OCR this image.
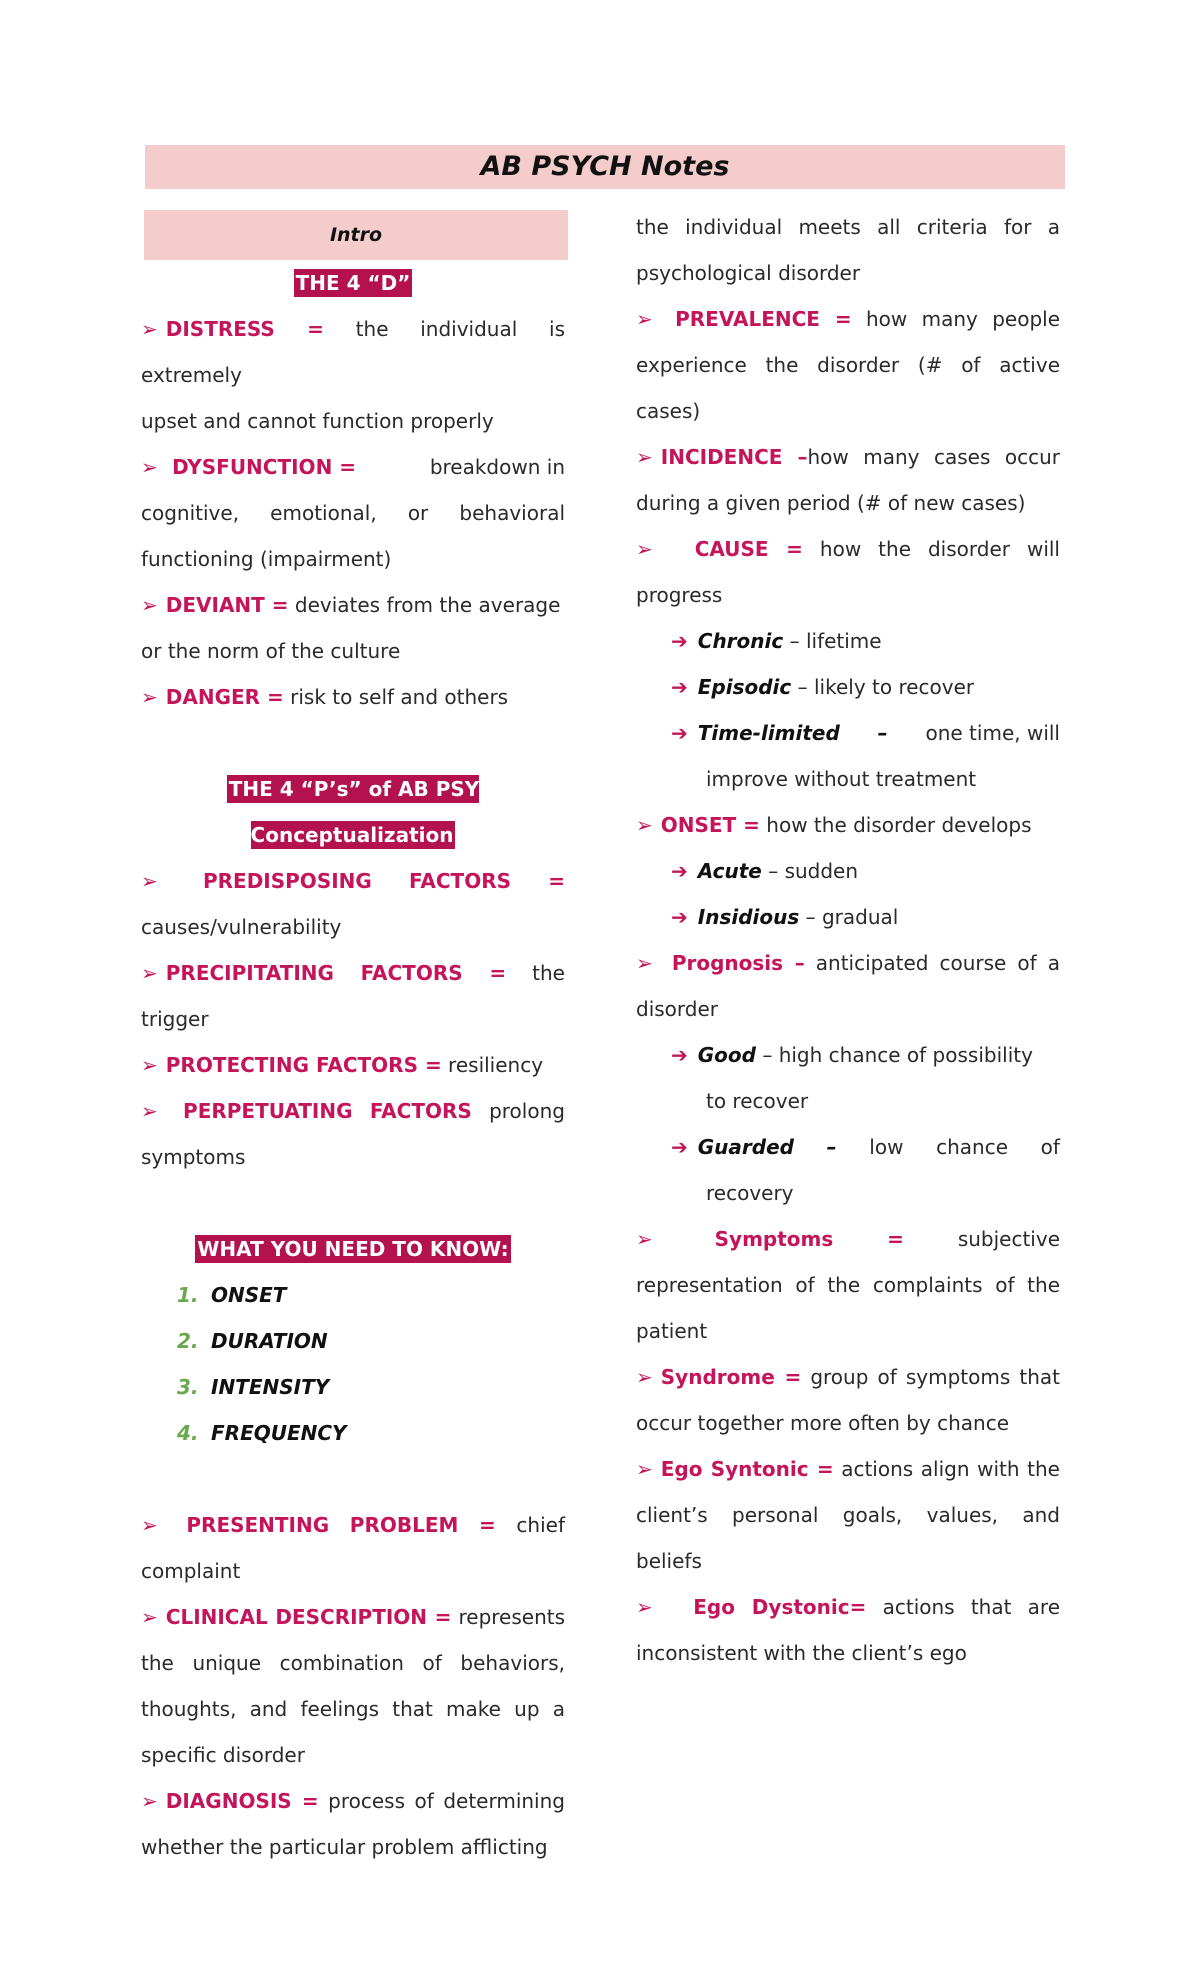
AB PSYCH Notes
Intro
THE 4 “D”
➢ DISTRESS = the individual is extremely
upset and cannot function properly
➢ DYSFUNCTION =	breakdown in
cognitive, emotional, or behavioral
functioning (impairment)
➢ DEVIANT = deviates from the average
or the norm of the culture
➢ DANGER = risk to self and others
THE 4 “P’s” of AB PSY Conceptualization
➢ PREDISPOSING FACTORS =
causes/vulnerability
➢ PRECIPITATING FACTORS = the trigger
➢ PROTECTING FACTORS = resiliency
➢ PERPETUATING FACTORS prolong
symptoms
WHAT YOU NEED TO KNOW:
1. ONSET
2. DURATION
3. INTENSITY
4. FREQUENCY
➢ PRESENTING PROBLEM = chief
complaint
➢ CLINICAL DESCRIPTION = represents
the unique combination of behaviors,
thoughts, and feelings that make up a
specific disorder
➢ DIAGNOSIS = process of determining
whether the particular problem afflicting
the individual meets all criteria for a
psychological disorder
➢ PREVALENCE = how many people
experience the disorder (# of active
cases)
➢ INCIDENCE –how many cases occur
during a given period (# of new cases)
➢ CAUSE = how the disorder will
progress
➔ Chronic – lifetime
➔ Episodic – likely to recover
➔ Time-limited – one time, will
improve without treatment
➢ ONSET = how the disorder develops
➔ Acute – sudden
➔ Insidious – gradual
➢ Prognosis – anticipated course of a
disorder
➔ Good – high chance of possibility
to recover
➔ Guarded – low chance of
recovery
➢	Symptoms	=	subjective
representation of the complaints of the
patient
➢ Syndrome = group of symptoms that
occur together more often by chance
➢ Ego Syntonic = actions align with the
client’s personal goals, values, and
beliefs
➢ Ego Dystonic= actions that are
inconsistent with the client’s ego
